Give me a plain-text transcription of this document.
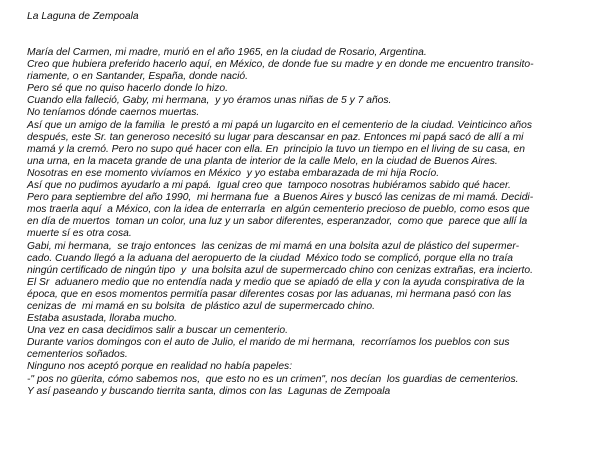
La Laguna de Zempoala
María del Carmen, mi madre, murió en el año 1965, en la ciudad de Rosario, Argentina.
Creo que hubiera preferido hacerlo aquí, en México, de donde fue su madre y en donde me encuentro transito-
riamente, o en Santander, España, donde nació.
Pero sé que no quiso hacerlo donde lo hizo.
Cuando ella falleció, Gaby, mi hermana,  y yo éramos unas niñas de 5 y 7 años.
No teníamos dónde caernos muertas.
Así que un amigo de la familia  le prestó a mi papá un lugarcito en el cementerio de la ciudad. Veinticinco años
después, este Sr. tan generoso necesitó su lugar para descansar en paz. Entonces mi papá sacó de allí a mi
mamá y la cremó. Pero no supo qué hacer con ella. En  principio la tuvo un tiempo en el living de su casa, en
una urna, en la maceta grande de una planta de interior de la calle Melo, en la ciudad de Buenos Aires.
Nosotras en ese momento vivíamos en México  y yo estaba embarazada de mi hija Rocío.
Así que no pudimos ayudarlo a mi papá.  Igual creo que  tampoco nosotras hubiéramos sabido qué hacer.
Pero para septiembre del año 1990,  mi hermana fue  a Buenos Aires y buscó las cenizas de mi mamá. Decidi-
mos traerla aquí  a México, con la idea de enterrarla  en algún cementerio precioso de pueblo, como esos que
en día de muertos  toman un color, una luz y un sabor diferentes, esperanzador,  como que  parece que allí la
muerte sí es otra cosa.
Gabi, mi hermana,  se trajo entonces  las cenizas de mi mamá en una bolsita azul de plástico del supermer-
cado. Cuando llegó a la aduana del aeropuerto de la ciudad  México todo se complicó, porque ella no traía
ningún certificado de ningún tipo  y  una bolsita azul de supermercado chino con cenizas extrañas, era incierto.
El Sr  aduanero medio que no entendía nada y medio que se apiadó de ella y con la ayuda conspirativa de la
época, que en esos momentos permitía pasar diferentes cosas por las aduanas, mi hermana pasó con las
cenizas de  mi mamá en su bolsita  de plástico azul de supermercado chino.
Estaba asustada, lloraba mucho.
Una vez en casa decidimos salir a buscar un cementerio.
Durante varios domingos con el auto de Julio, el marido de mi hermana,  recorríamos los pueblos con sus
cementerios soñados.
Ninguno nos aceptó porque en realidad no había papeles:
-" pos no güerita, cómo sabemos nos,  que esto no es un crimen", nos decían  los guardias de cementerios.
Y así paseando y buscando tierrita santa, dimos con las  Lagunas de Zempoala
